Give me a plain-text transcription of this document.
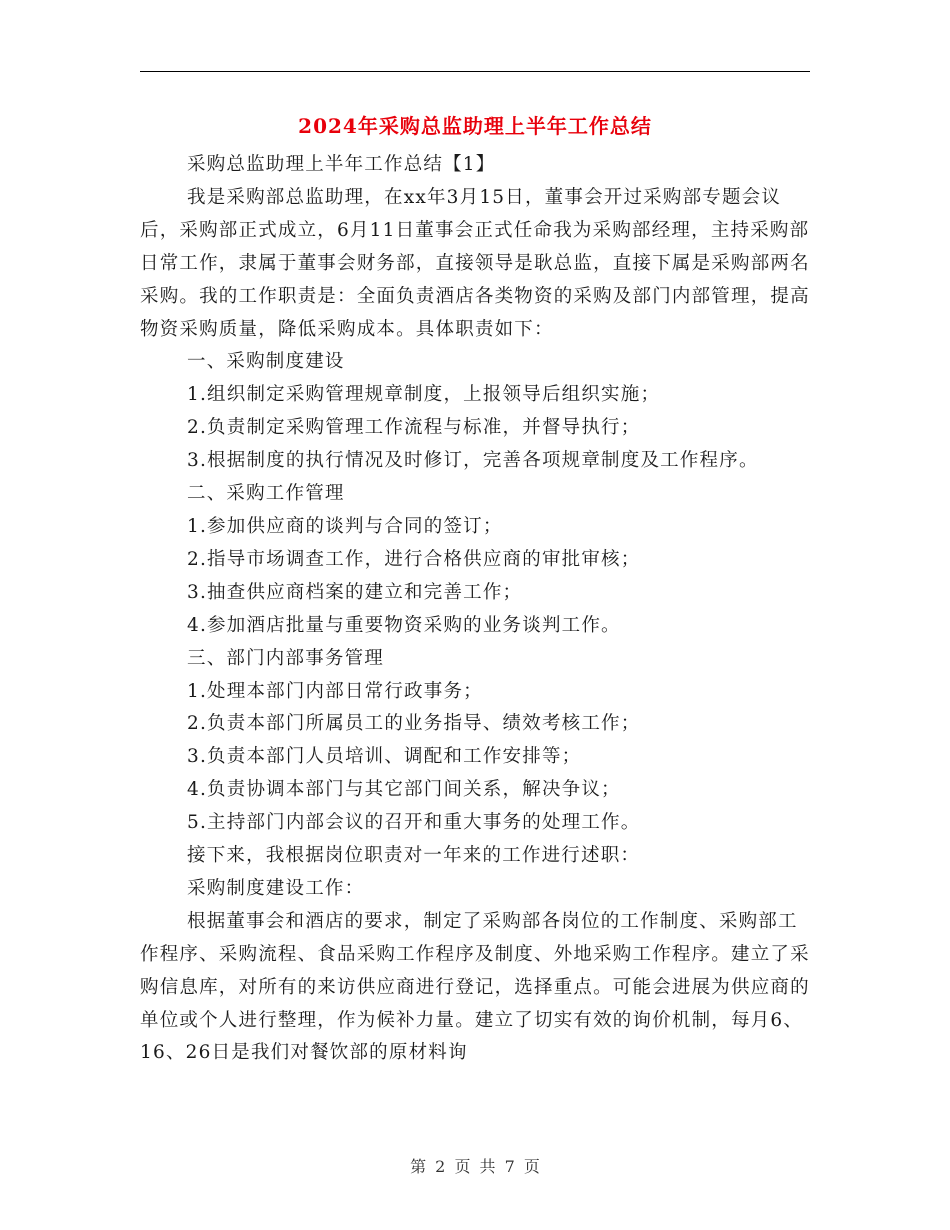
2024年采购总监助理上半年工作总结

采购总监助理上半年工作总结【1】

我是采购部总监助理，在xx年3月15日，董事会开过采购部专题会议后，采购部正式成立，6月11日董事会正式任命我为采购部经理，主持采购部日常工作，隶属于董事会财务部，直接领导是耿总监，直接下属是采购部两名采购。我的工作职责是：全面负责酒店各类物资的采购及部门内部管理，提高物资采购质量，降低采购成本。具体职责如下：

一、采购制度建设

1.组织制定采购管理规章制度，上报领导后组织实施；

2.负责制定采购管理工作流程与标准，并督导执行；

3.根据制度的执行情况及时修订，完善各项规章制度及工作程序。

二、采购工作管理

1.参加供应商的谈判与合同的签订；

2.指导市场调查工作，进行合格供应商的审批审核；

3.抽查供应商档案的建立和完善工作；

4.参加酒店批量与重要物资采购的业务谈判工作。

三、部门内部事务管理

1.处理本部门内部日常行政事务；

2.负责本部门所属员工的业务指导、绩效考核工作；

3.负责本部门人员培训、调配和工作安排等；

4.负责协调本部门与其它部门间关系，解决争议；

5.主持部门内部会议的召开和重大事务的处理工作。

接下来，我根据岗位职责对一年来的工作进行述职：

采购制度建设工作：

根据董事会和酒店的要求，制定了采购部各岗位的工作制度、采购部工作程序、采购流程、食品采购工作程序及制度、外地采购工作程序。建立了采购信息库，对所有的来访供应商进行登记，选择重点。可能会进展为供应商的单位或个人进行整理，作为候补力量。建立了切实有效的询价机制，每月6、16、26日是我们对餐饮部的原材料询

第 2 页 共 7 页
